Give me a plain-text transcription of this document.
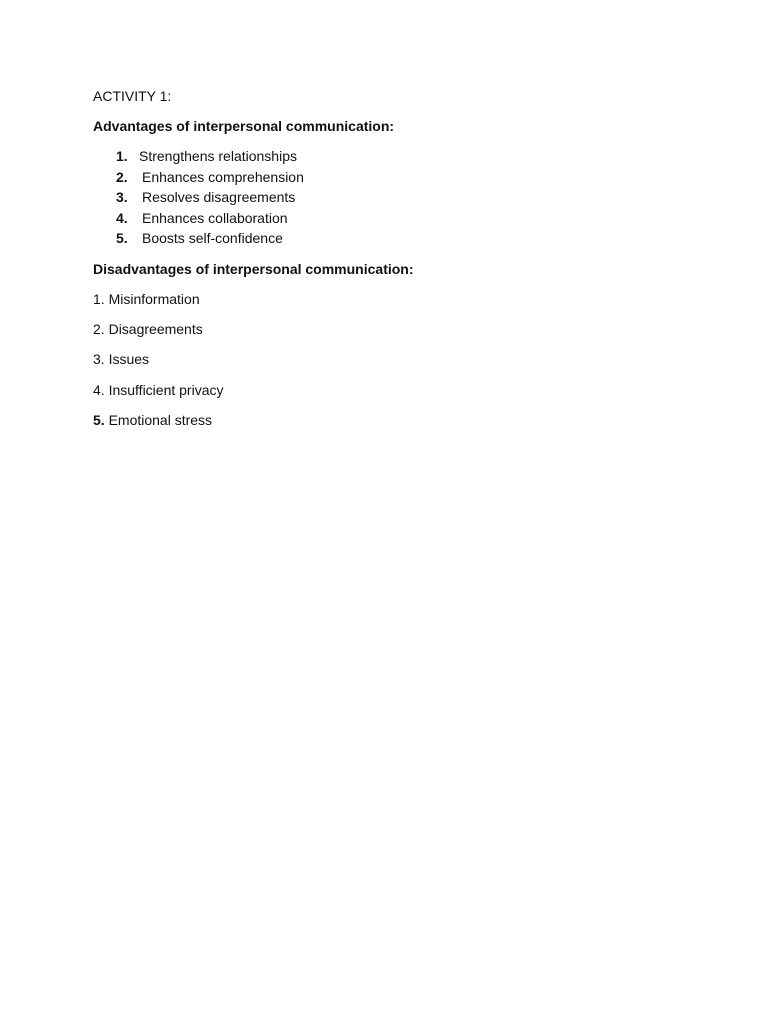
ACTIVITY 1:
Advantages of interpersonal communication:
1. Strengthens relationships
2.	Enhances comprehension
3.	Resolves disagreements
4.	Enhances collaboration
5.	Boosts self-confidence
Disadvantages of interpersonal communication:
1. Misinformation
2. Disagreements
3. Issues
4. Insufficient privacy
5. Emotional stress
